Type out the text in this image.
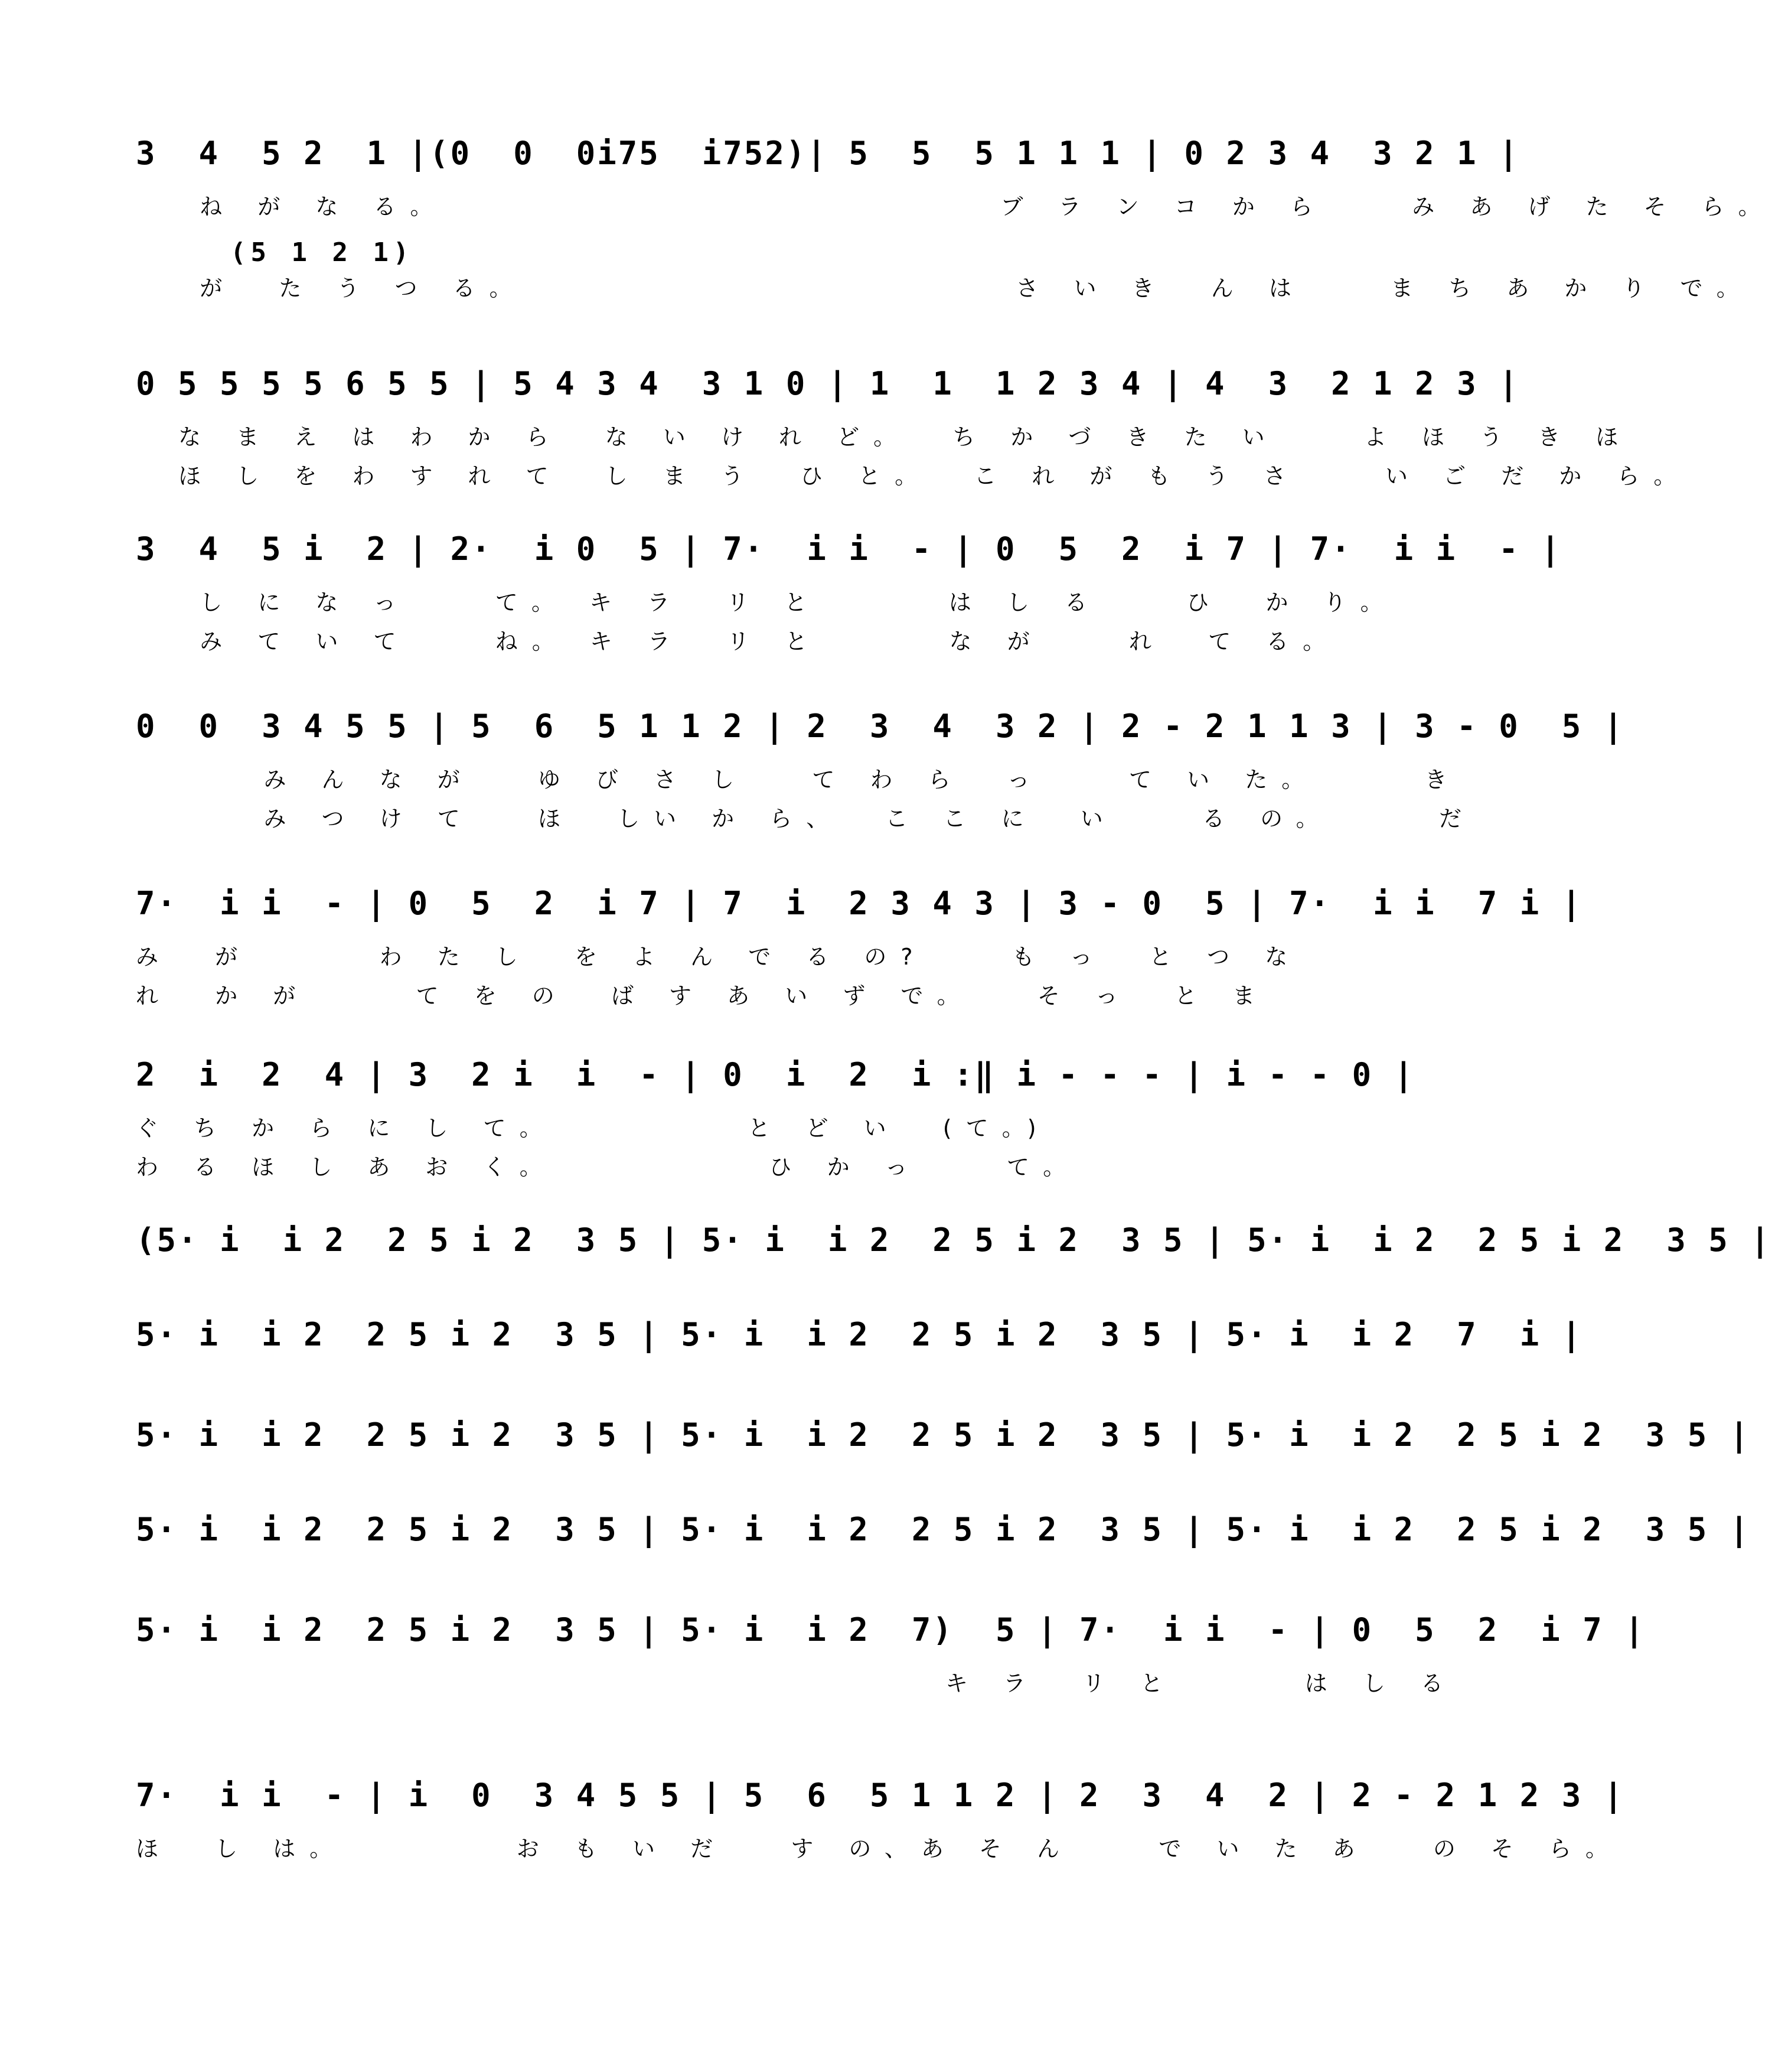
3  4  5 2  1 |(0  0  0i75  i752)| 5  5  5 1 1 1 | 0 2 3 4  3 2 1 |
ね が な る。                          ブ ラ ン コ か ら    み あ げ た そ ら。
(5 1 2 1)
が  た う つ る。                       さ い き  ん は    ま ち あ か り で。
0 5 5 5 5 6 5 5 | 5 4 3 4  3 1 0 | 1  1  1 2 3 4 | 4  3  2 1 2 3 |
な ま え は わ か ら  な い け れ ど。  ち か づ き た い    よ ほ う き ほ
ほ し を わ す れ て  し ま う  ひ と。  こ れ が も う さ    い ご だ か ら。
3  4  5 i  2 | 2·  i 0  5 | 7·  i i  - | 0  5  2  i 7 | 7·  i i  - |
し に な っ    て。 キ ラ  リ と      は し る    ひ  か り。
み て い て    ね。 キ ラ  リ と      な が    れ  て る。
0  0  3 4 5 5 | 5  6  5 1 1 2 | 2  3  4  3 2 | 2 - 2 1 1 3 | 3 - 0  5 |
み ん な が   ゆ び さ し   て わ ら  っ    て い た。     き
み つ け て   ほ  しい か ら、  こ こ に  い    る の。     だ
7·  i i  - | 0  5  2  i 7 | 7  i  2 3 4 3 | 3 - 0  5 | 7·  i i  7 i |
み  が      わ た し  を よ ん で る の?    も っ  と つ な
れ  か が     て を の  ば す あ い ず で。   そ っ  と ま
2  i  2  4 | 3  2 i  i  - | 0  i  2  i :‖ i - - - | i - - 0 |
ぐ ち か ら に し て。         と ど い  (て。)
わ る ほ し あ お く。          ひ か っ    て。
(5· i  i 2  2 5 i 2  3 5 | 5· i  i 2  2 5 i 2  3 5 | 5· i  i 2  2 5 i 2  3 5 |
5· i  i 2  2 5 i 2  3 5 | 5· i  i 2  2 5 i 2  3 5 | 5· i  i 2  7  i |
5· i  i 2  2 5 i 2  3 5 | 5· i  i 2  2 5 i 2  3 5 | 5· i  i 2  2 5 i 2  3 5 |
5· i  i 2  2 5 i 2  3 5 | 5· i  i 2  2 5 i 2  3 5 | 5· i  i 2  2 5 i 2  3 5 |
5· i  i 2  2 5 i 2  3 5 | 5· i  i 2  7)  5 | 7·  i i  - | 0  5  2  i 7 |
キ ラ  リ と      は し る
7·  i i  - | i  0  3 4 5 5 | 5  6  5 1 1 2 | 2  3  4  2 | 2 - 2 1 2 3 |
ほ  し は。        お も い だ   す の、あ そ ん    で い た あ   の そ ら。
